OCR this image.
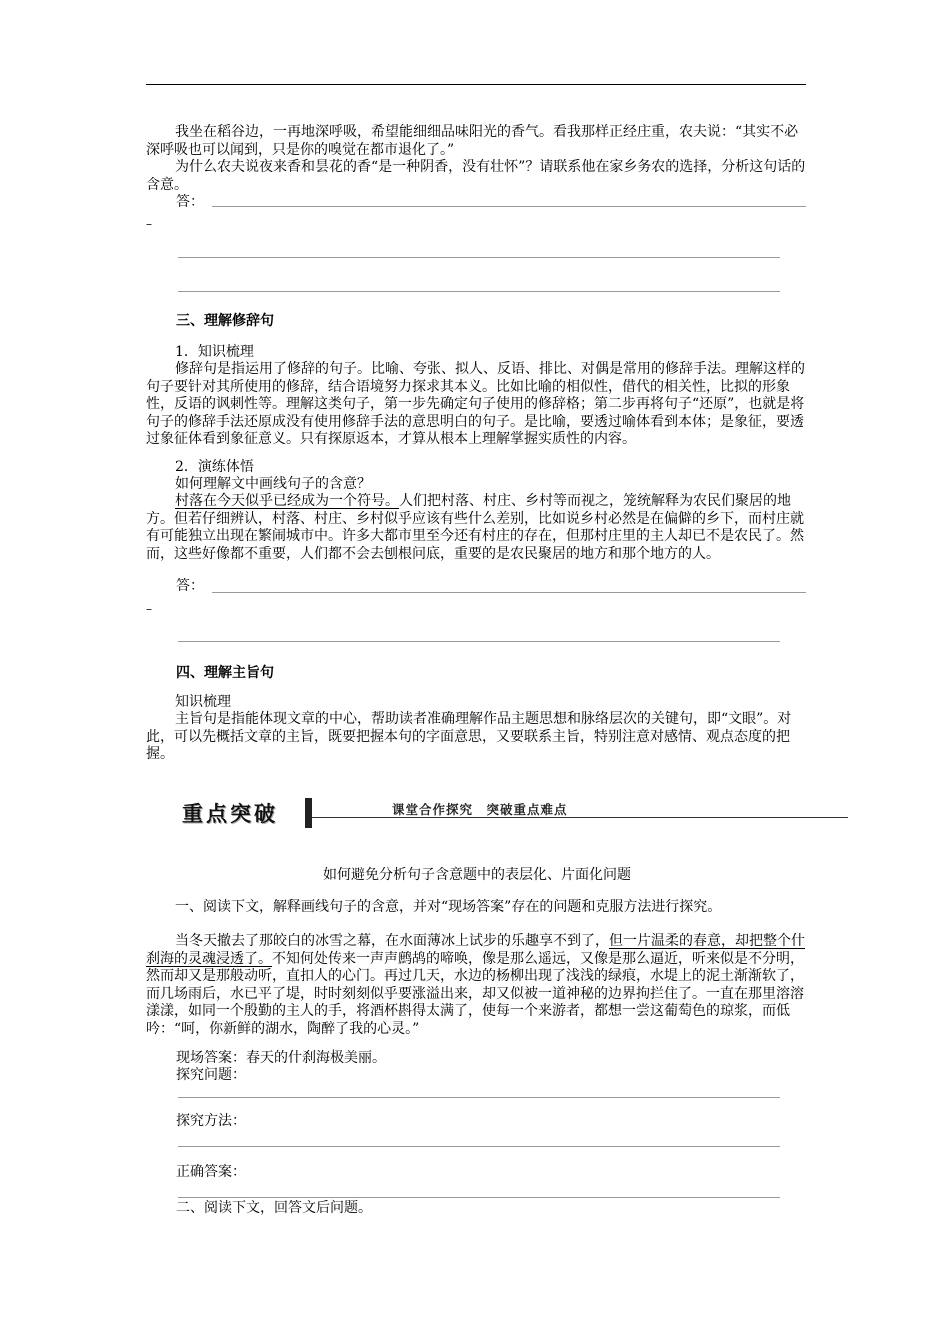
我坐在稻谷边，一再地深呼吸，希望能细细品味阳光的香气。看我那样正经庄重，农夫说：“其实不必深呼吸也可以闻到，只是你的嗅觉在都市退化了。”

为什么农夫说夜来香和昙花的香“是一种阴香，没有壮怀”？请联系他在家乡务农的选择，分析这句话的含意。

答：
–
三、理解修辞句

1．知识梳理

修辞句是指运用了修辞的句子。比喻、夸张、拟人、反语、排比、对偶是常用的修辞手法。理解这样的句子要针对其所使用的修辞，结合语境努力探求其本义。比如比喻的相似性，借代的相关性，比拟的形象性，反语的讽刺性等。理解这类句子，第一步先确定句子使用的修辞格；第二步再将句子“还原”，也就是将句子的修辞手法还原成没有使用修辞手法的意思明白的句子。是比喻，要透过喻体看到本体；是象征，要透过象征体看到象征意义。只有探原返本，才算从根本上理解掌握实质性的内容。

2．演练体悟

如何理解文中画线句子的含意？

村落在今天似乎已经成为一个符号。人们把村落、村庄、乡村等而视之，笼统解释为农民们聚居的地方。但若仔细辨认，村落、村庄、乡村似乎应该有些什么差别，比如说乡村必然是在偏僻的乡下，而村庄就有可能独立出现在繁闹城市中。许多大都市里至今还有村庄的存在，但那村庄里的主人却已不是农民了。然而，这些好像都不重要，人们都不会去刨根问底，重要的是农民聚居的地方和那个地方的人。

答：
–
四、理解主旨句

知识梳理

主旨句是指能体现文章的中心，帮助读者准确理解作品主题思想和脉络层次的关键句，即“文眼”。对此，可以先概括文章的主旨，既要把握本句的字面意思，又要联系主旨，特别注意对感情、观点态度的把握。

重点突破	课堂合作探究　突破重点难点
如何避免分析句子含意题中的表层化、片面化问题

一、阅读下文，解释画线句子的含意，并对“现场答案”存在的问题和克服方法进行探究。

当冬天撤去了那皎白的冰雪之幕，在水面薄冰上试步的乐趣享不到了，但一片温柔的春意，却把整个什刹海的灵魂浸透了。不知何处传来一声声鹧鸪的啼唤，像是那么遥远，又像是那么逼近，听来似是不分明，然而却又是那般动听，直扣人的心门。再过几天，水边的杨柳出现了浅浅的绿痕，水堤上的泥土渐渐软了，而几场雨后，水已平了堤，时时刻刻似乎要涨溢出来，却又似被一道神秘的边界拘拦住了。一直在那里溶溶漾漾，如同一个殷勤的主人的手，将酒杯斟得太满了，使每一个来游者，都想一尝这葡萄色的琼浆，而低吟：“呵，你新鲜的湖水，陶醉了我的心灵。”

现场答案：春天的什刹海极美丽。
探究问题：
探究方法：
正确答案：
二、阅读下文，回答文后问题。
